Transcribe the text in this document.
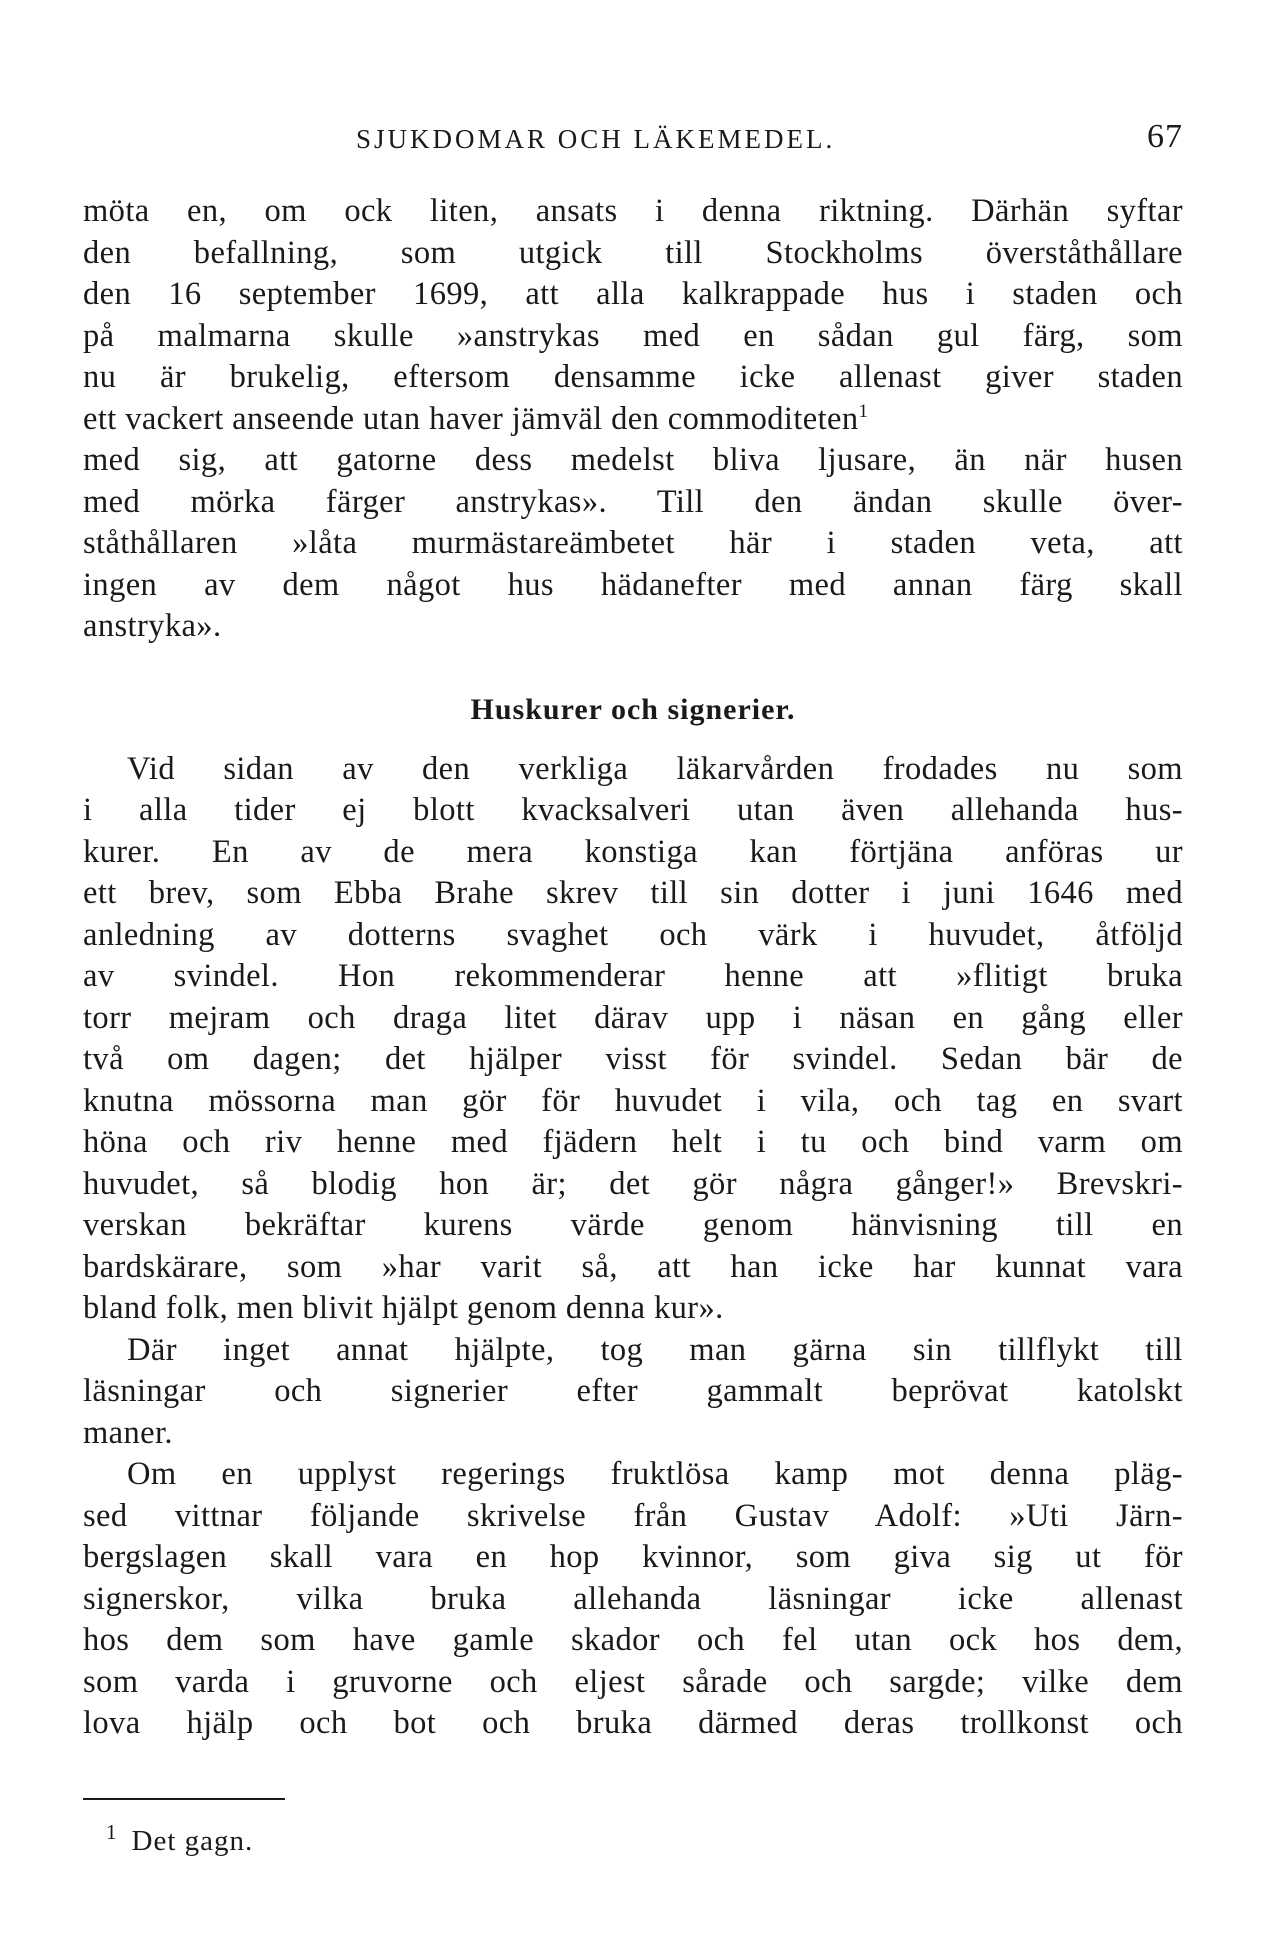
SJUKDOMAR OCH LÄKEMEDEL.	67

möta en, om ock liten, ansats i denna riktning. Därhän syftar
den befallning, som utgick till Stockholms överståthållare
den 16 september 1699, att alla kalkrappade hus i staden och
på malmarna skulle »anstrykas med en sådan gul färg, som
nu är brukelig, eftersom densamme icke allenast giver staden
ett vackert anseende utan haver jämväl den commoditeten$^1$
med sig, att gatorne dess medelst bliva ljusare, än när husen
med mörka färger anstrykas». Till den ändan skulle över-
ståthållaren »låta murmästareämbetet här i staden veta, att
ingen av dem något hus hädanefter med annan färg skall
anstryka».

Huskurer och signerier.

Vid sidan av den verkliga läkarvården frodades nu som
i alla tider ej blott kvacksalveri utan även allehanda hus-
kurer. En av de mera konstiga kan förtjäna anföras ur
ett brev, som Ebba Brahe skrev till sin dotter i juni 1646 med
anledning av dotterns svaghet och värk i huvudet, åtföljd
av svindel. Hon rekommenderar henne att »flitigt bruka
torr mejram och draga litet därav upp i näsan en gång eller
två om dagen; det hjälper visst för svindel. Sedan bär de
knutna mössorna man gör för huvudet i vila, och tag en svart
höna och riv henne med fjädern helt i tu och bind varm om
huvudet, så blodig hon är; det gör några gånger!» Brevskri-
verskan bekräftar kurens värde genom hänvisning till en
bardskärare, som »har varit så, att han icke har kunnat vara
bland folk, men blivit hjälpt genom denna kur».

Där inget annat hjälpte, tog man gärna sin tillflykt till
läsningar och signerier efter gammalt beprövat katolskt
maner.

Om en upplyst regerings fruktlösa kamp mot denna pläg-
sed vittnar följande skrivelse från Gustav Adolf: »Uti Järn-
bergslagen skall vara en hop kvinnor, som giva sig ut för
signerskor, vilka bruka allehanda läsningar icke allenast
hos dem som have gamle skador och fel utan ock hos dem,
som varda i gruvorne och eljest sårade och sargde; vilke dem
lova hjälp och bot och bruka därmed deras trollkonst och

$^1$ Det gagn.
